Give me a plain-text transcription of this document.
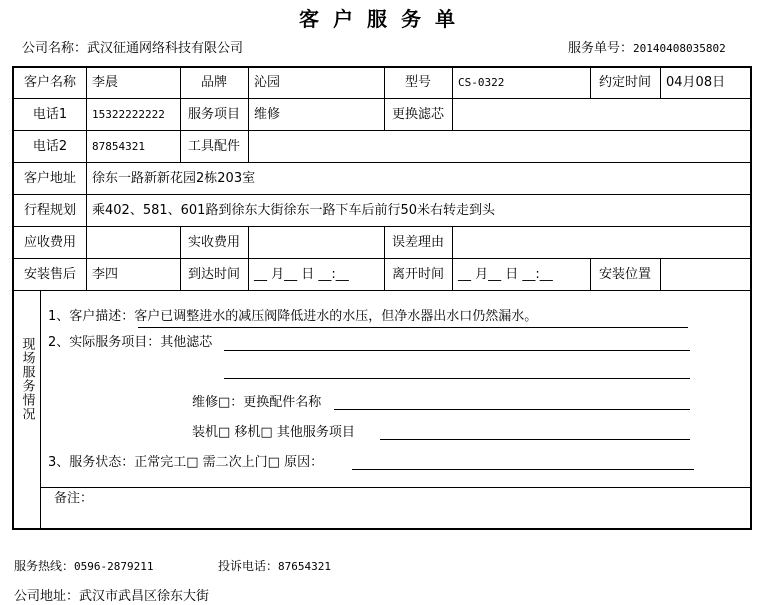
客户服务单
公司名称：武汉征通网络科技有限公司	服务单号：20140408035802
客户名称	李晨	品牌	沁园	型号	CS-0322	约定时间	04月08日
电话1	15322222222	服务项目	维修	更换滤芯
电话2	87854321	工具配件
客户地址	徐东一路新新花园2栋203室
行程规划	乘402、581、601路到徐东大街徐东一路下车后前行50米右转走到头
应收费用	实收费用	误差理由
安装售后	李四	到达时间	__ 月__ 日 __:__	离开时间	__ 月__ 日 __:__	安装位置
现场服务情况
1、客户描述：客户已调整进水的减压阀降低进水的水压，但净水器出水口仍然漏水。
2、实际服务项目：其他滤芯
维修□：更换配件名称
装机□ 移机□ 其他服务项目
3、服务状态：正常完工□ 需二次上门□ 原因：
备注：
服务热线：0596-2879211	投诉电话：87654321
公司地址：武汉市武昌区徐东大街
